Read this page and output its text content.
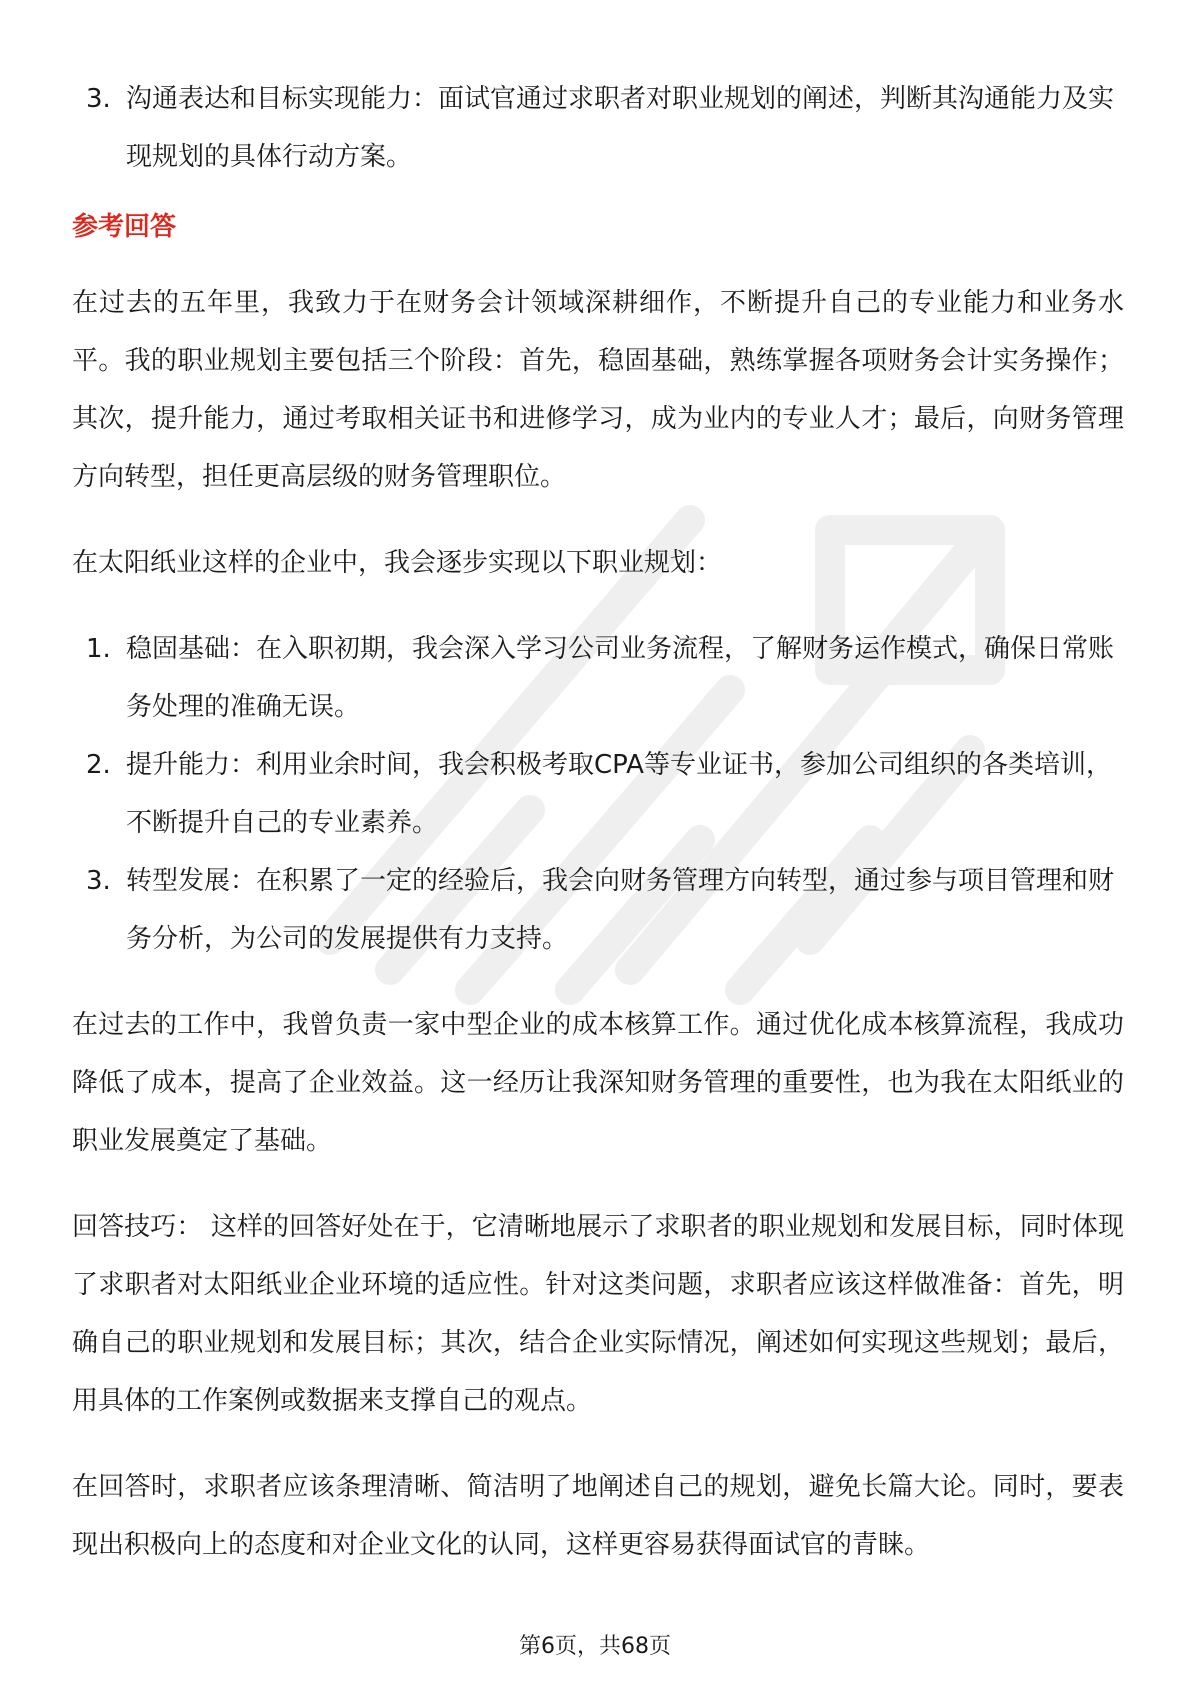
3. 沟通表达和目标实现能力：面试官通过求职者对职业规划的阐述，判断其沟通能力及实现规划的具体行动方案。
参考回答

在过去的五年里，我致力于在财务会计领域深耕细作，不断提升自己的专业能力和业务水平。我的职业规划主要包括三个阶段：首先，稳固基础，熟练掌握各项财务会计实务操作；其次，提升能力，通过考取相关证书和进修学习，成为业内的专业人才；最后，向财务管理方向转型，担任更高层级的财务管理职位。

在太阳纸业这样的企业中，我会逐步实现以下职业规划：

1. 稳固基础：在入职初期，我会深入学习公司业务流程，了解财务运作模式，确保日常账务处理的准确无误。
2. 提升能力：利用业余时间，我会积极考取CPA等专业证书，参加公司组织的各类培训，不断提升自己的专业素养。
3. 转型发展：在积累了一定的经验后，我会向财务管理方向转型，通过参与项目管理和财务分析，为公司的发展提供有力支持。

在过去的工作中，我曾负责一家中型企业的成本核算工作。通过优化成本核算流程，我成功降低了成本，提高了企业效益。这一经历让我深知财务管理的重要性，也为我在太阳纸业的职业发展奠定了基础。

回答技巧： 这样的回答好处在于，它清晰地展示了求职者的职业规划和发展目标，同时体现了求职者对太阳纸业企业环境的适应性。针对这类问题，求职者应该这样做准备：首先，明确自己的职业规划和发展目标；其次，结合企业实际情况，阐述如何实现这些规划；最后，用具体的工作案例或数据来支撑自己的观点。

在回答时，求职者应该条理清晰、简洁明了地阐述自己的规划，避免长篇大论。同时，要表现出积极向上的态度和对企业文化的认同，这样更容易获得面试官的青睐。

第6页，共68页
